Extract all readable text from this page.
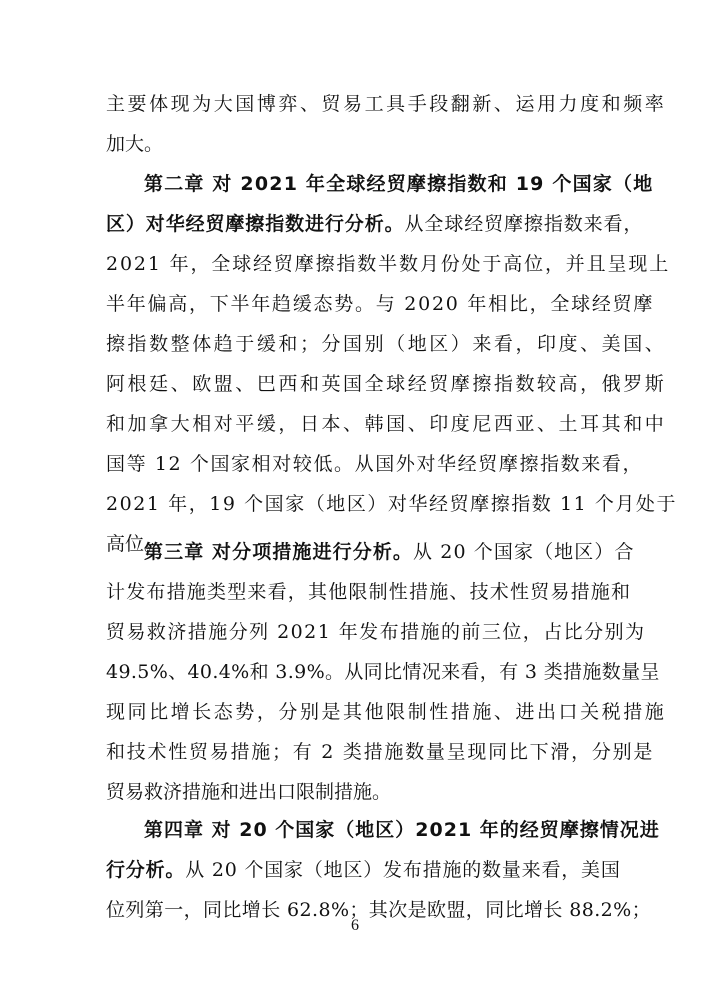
主要体现为大国博弈、贸易工具手段翻新、运用力度和频率
加大。
第二章 对 2021 年全球经贸摩擦指数和 19 个国家（地
区）对华经贸摩擦指数进行分析。从全球经贸摩擦指数来看，
2021 年，全球经贸摩擦指数半数月份处于高位，并且呈现上
半年偏高，下半年趋缓态势。与 2020 年相比，全球经贸摩
擦指数整体趋于缓和；分国别（地区）来看，印度、美国、
阿根廷、欧盟、巴西和英国全球经贸摩擦指数较高，俄罗斯
和加拿大相对平缓，日本、韩国、印度尼西亚、土耳其和中
国等 12 个国家相对较低。从国外对华经贸摩擦指数来看，
2021 年，19 个国家（地区）对华经贸摩擦指数 11 个月处于
高位。
第三章 对分项措施进行分析。从 20 个国家（地区）合
计发布措施类型来看，其他限制性措施、技术性贸易措施和
贸易救济措施分列 2021 年发布措施的前三位，占比分别为
49.5%、40.4%和 3.9%。从同比情况来看，有 3 类措施数量呈
现同比增长态势，分别是其他限制性措施、进出口关税措施
和技术性贸易措施；有 2 类措施数量呈现同比下滑，分别是
贸易救济措施和进出口限制措施。
第四章 对 20 个国家（地区）2021 年的经贸摩擦情况进
行分析。从 20 个国家（地区）发布措施的数量来看，美国
位列第一，同比增长 62.8%；其次是欧盟，同比增长 88.2%；
6
